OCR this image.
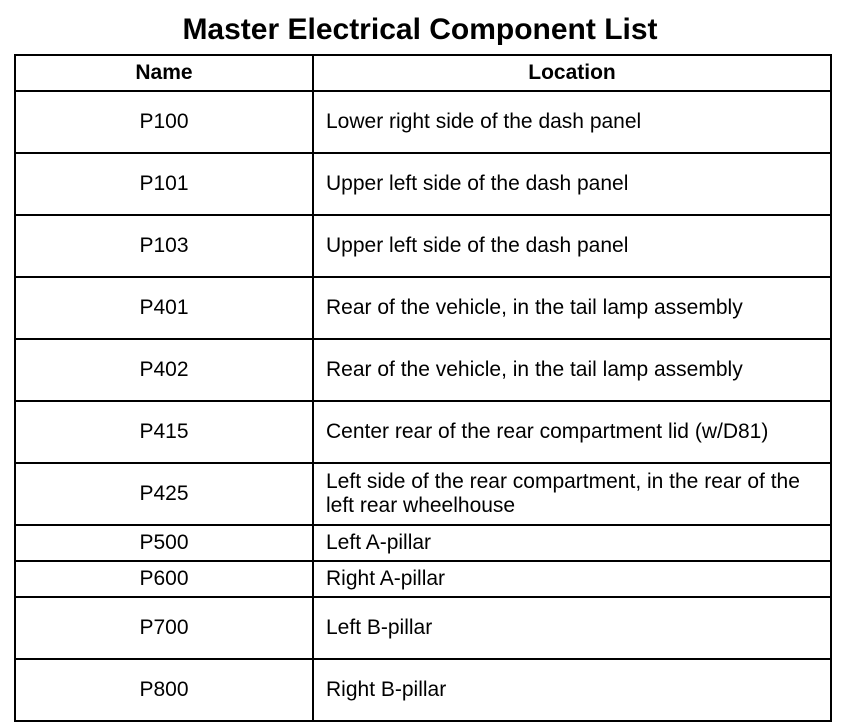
Master Electrical Component List
Name	Location
P100	Lower right side of the dash panel
P101	Upper left side of the dash panel
P103	Upper left side of the dash panel
P401	Rear of the vehicle, in the tail lamp assembly
P402	Rear of the vehicle, in the tail lamp assembly
P415	Center rear of the rear compartment lid (w/D81)
P425	Left side of the rear compartment, in the rear of the left rear wheelhouse
P500	Left A-pillar
P600	Right A-pillar
P700	Left B-pillar
P800	Right B-pillar
